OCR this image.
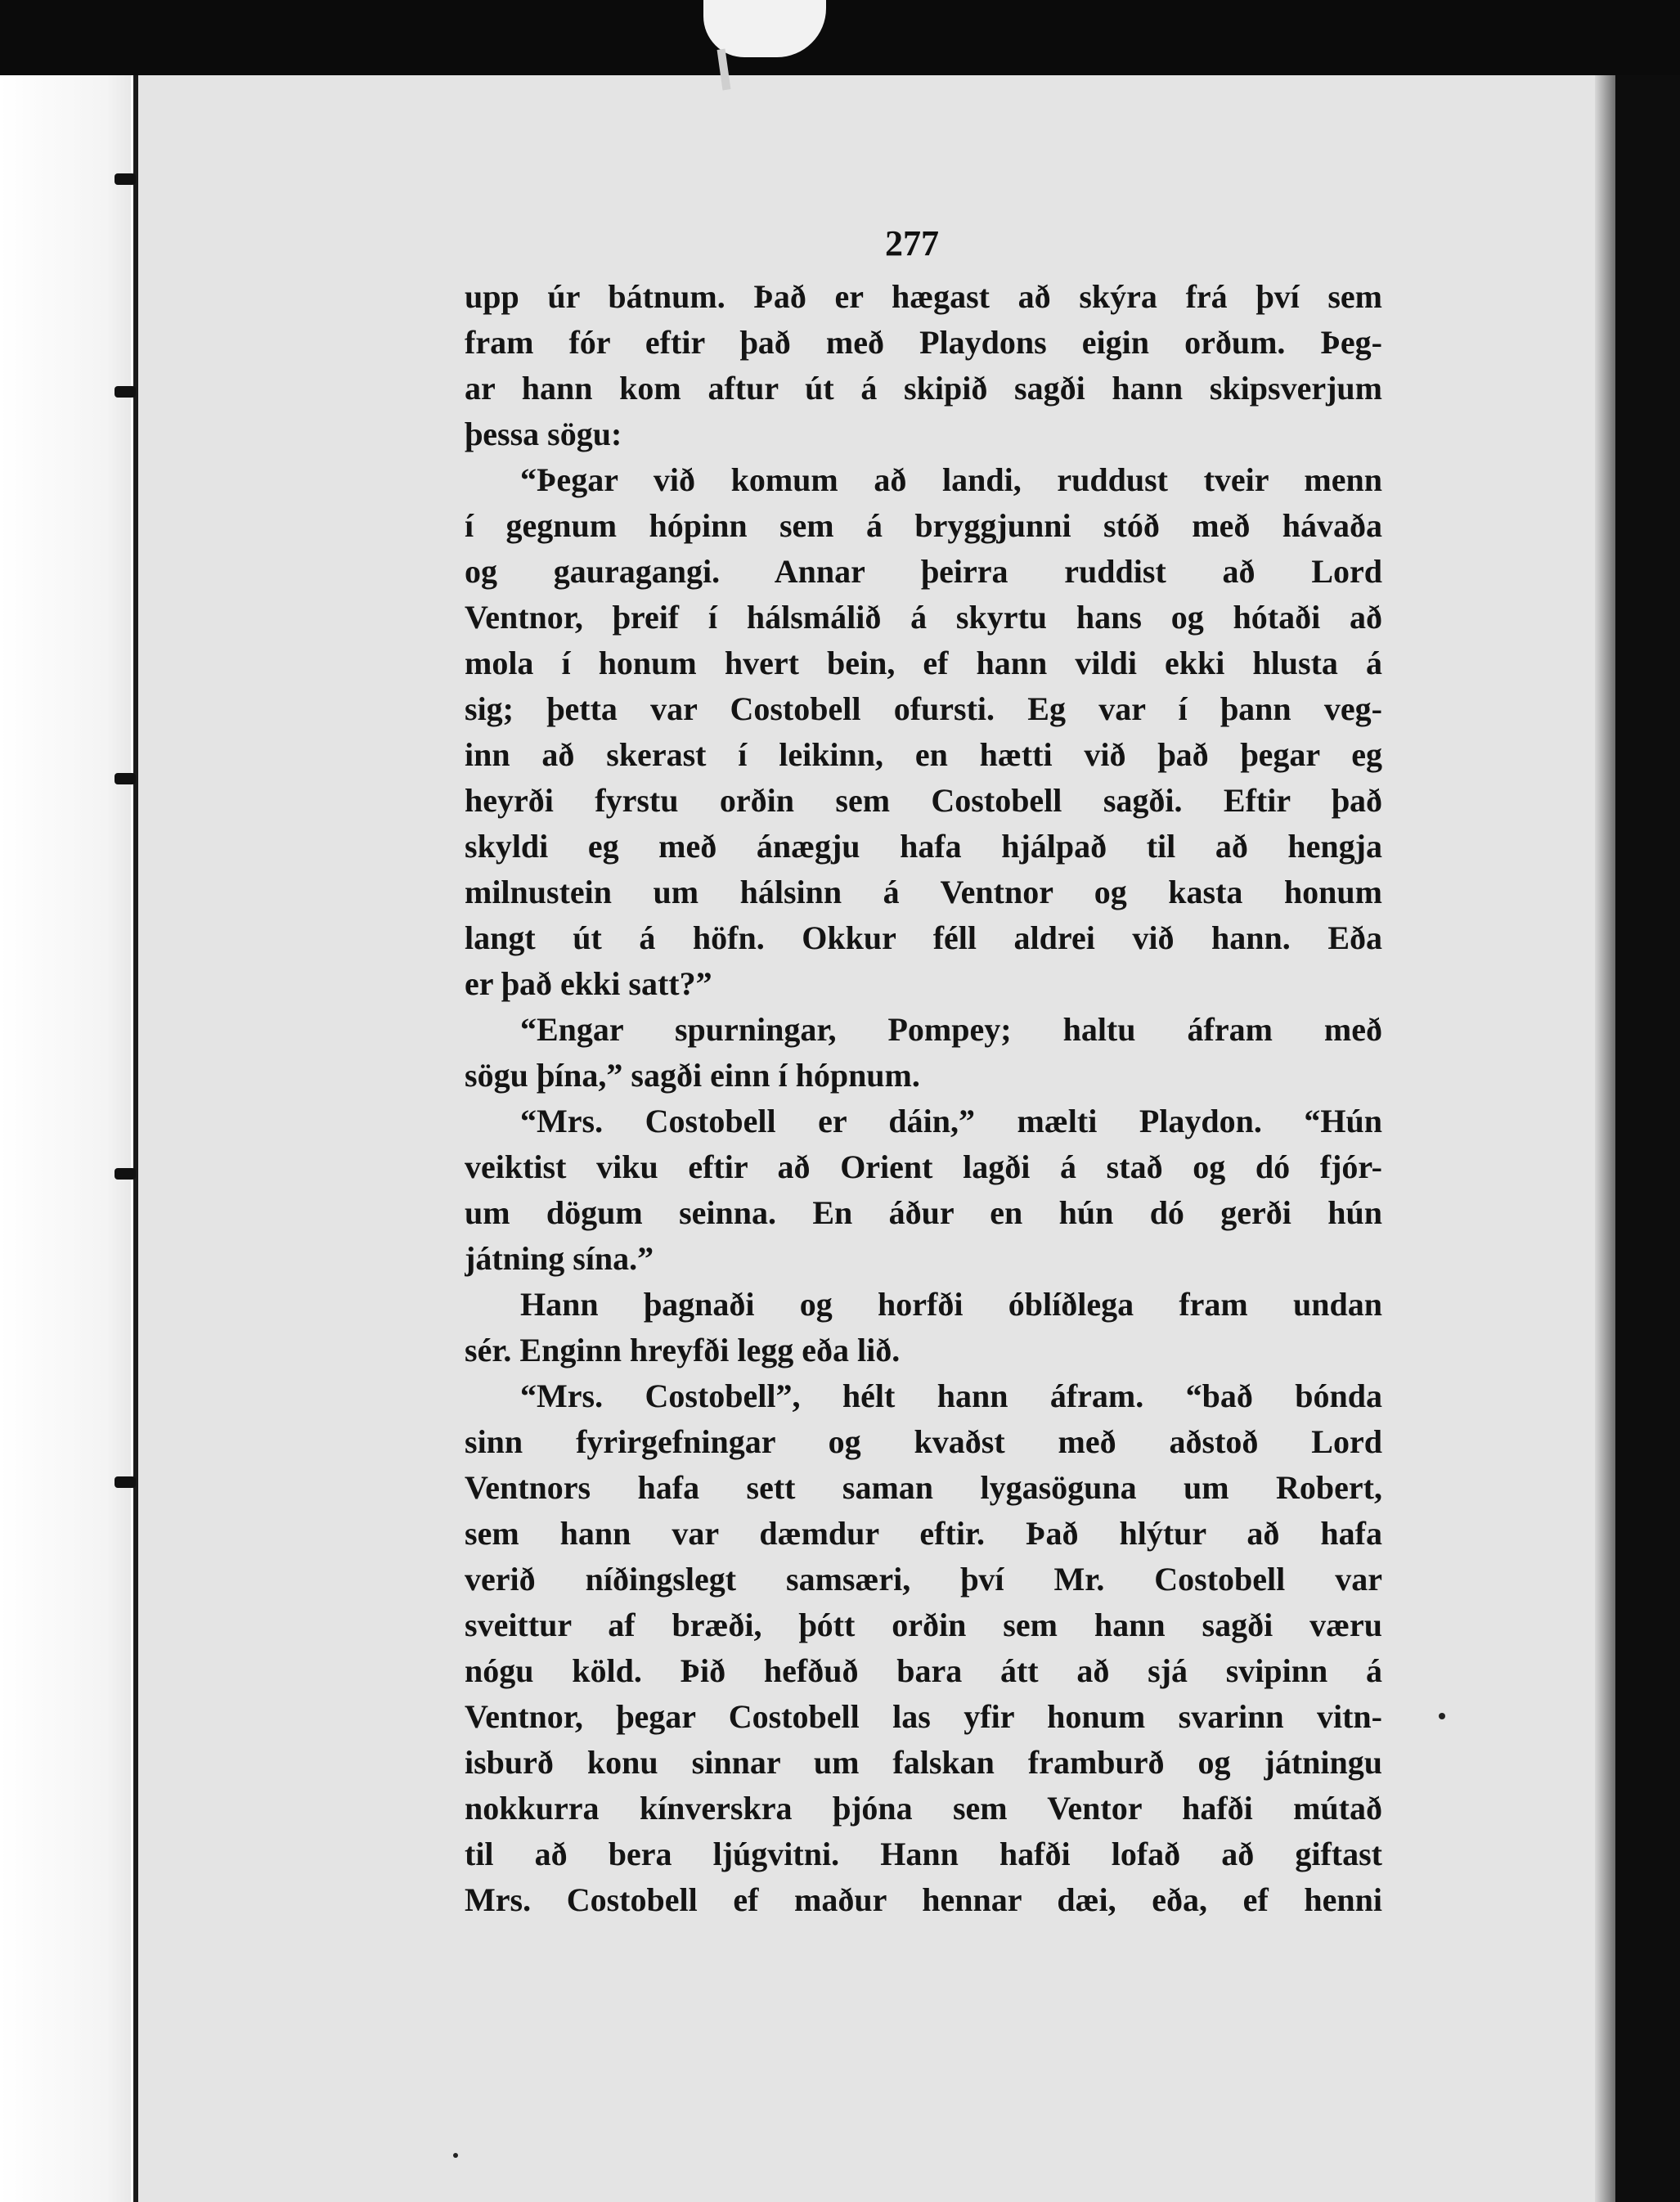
277
upp úr bátnum. Það er hægast að skýra frá því sem
fram fór eftir það með Playdons eigin orðum. Þeg-
ar hann kom aftur út á skipið sagði hann skipsverjum
þessa sögu:
“Þegar við komum að landi, ruddust tveir menn
í gegnum hópinn sem á bryggjunni stóð með hávaða
og gauragangi. Annar þeirra ruddist að Lord
Ventnor, þreif í hálsmálið á skyrtu hans og hótaði að
mola í honum hvert bein, ef hann vildi ekki hlusta á
sig; þetta var Costobell ofursti. Eg var í þann veg-
inn að skerast í leikinn, en hætti við það þegar eg
heyrði fyrstu orðin sem Costobell sagði. Eftir það
skyldi eg með ánægju hafa hjálpað til að hengja
milnustein um hálsinn á Ventnor og kasta honum
langt út á höfn. Okkur féll aldrei við hann. Eða
er það ekki satt?”
“Engar spurningar, Pompey; haltu áfram með
sögu þína,” sagði einn í hópnum.
“Mrs. Costobell er dáin,” mælti Playdon. “Hún
veiktist viku eftir að Orient lagði á stað og dó fjór-
um dögum seinna. En áður en hún dó gerði hún
játning sína.”
Hann þagnaði og horfði óblíðlega fram undan
sér. Enginn hreyfði legg eða lið.
“Mrs. Costobell”, hélt hann áfram. “bað bónda
sinn fyrirgefningar og kvaðst með aðstoð Lord
Ventnors hafa sett saman lygasöguna um Robert,
sem hann var dæmdur eftir. Það hlýtur að hafa
verið níðingslegt samsæri, því Mr. Costobell var
sveittur af bræði, þótt orðin sem hann sagði væru
nógu köld. Þið hefðuð bara átt að sjá svipinn á
Ventnor, þegar Costobell las yfir honum svarinn vitn-
isburð konu sinnar um falskan framburð og játningu
nokkurra kínverskra þjóna sem Ventor hafði mútað
til að bera ljúgvitni. Hann hafði lofað að giftast
Mrs. Costobell ef maður hennar dæi, eða, ef henni
